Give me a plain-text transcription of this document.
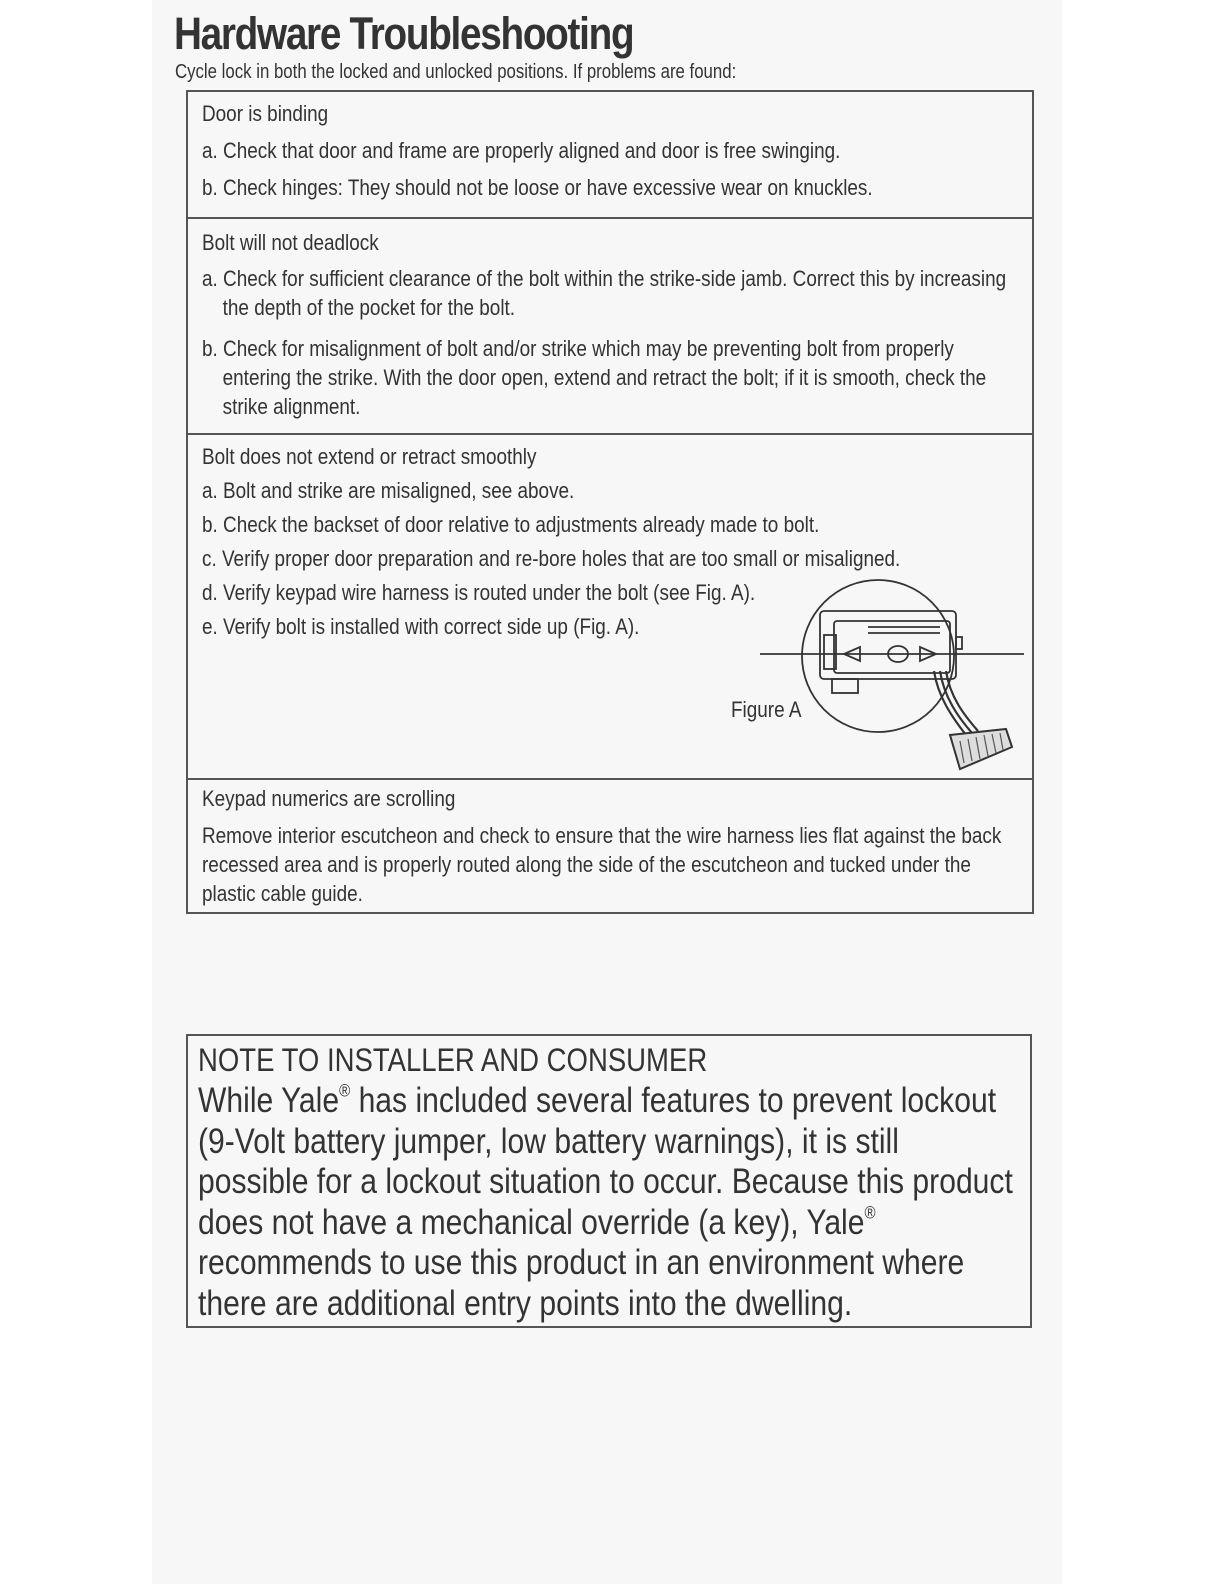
Hardware Troubleshooting
Cycle lock in both the locked and unlocked positions. If problems are found:
Door is binding
a. Check that door and frame are properly aligned and door is free swinging.
b. Check hinges: They should not be loose or have excessive wear on knuckles.
Bolt will not deadlock
a. Check for sufficient clearance of the bolt within the strike-side jamb. Correct this by increasing the depth of the pocket for the bolt.
b. Check for misalignment of bolt and/or strike which may be preventing bolt from properly entering the strike. With the door open, extend and retract the bolt; if it is smooth, check the strike alignment.
Bolt does not extend or retract smoothly
a. Bolt and strike are misaligned, see above.
b. Check the backset of door relative to adjustments already made to bolt.
c. Verify proper door preparation and re-bore holes that are too small or misaligned.
d. Verify keypad wire harness is routed under the bolt (see Fig. A).
e. Verify bolt is installed with correct side up (Fig. A).
Figure A
Keypad numerics are scrolling
Remove interior escutcheon and check to ensure that the wire harness lies flat against the back recessed area and is properly routed along the side of the escutcheon and tucked under the plastic cable guide.
NOTE TO INSTALLER AND CONSUMER
While Yale® has included several features to prevent lockout (9-Volt battery jumper, low battery warnings), it is still possible for a lockout situation to occur. Because this product does not have a mechanical override (a key), Yale® recommends to use this product in an environment where there are additional entry points into the dwelling.
